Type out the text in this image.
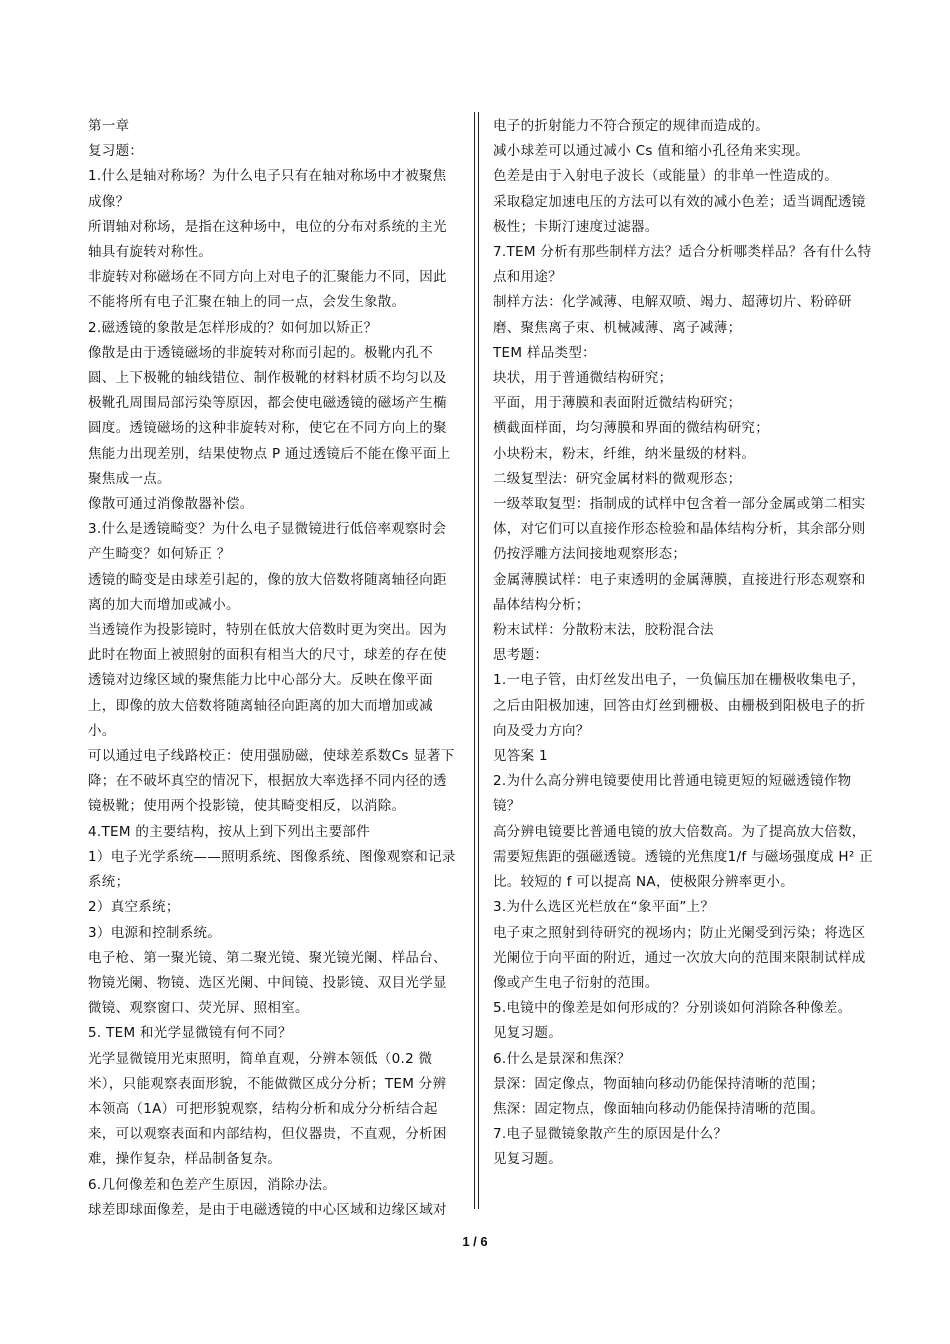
第一章

复习题：

1.什么是轴对称场？为什么电子只有在轴对称场中才被聚焦成像？

所谓轴对称场，是指在这种场中，电位的分布对系统的主光轴具有旋转对称性。

非旋转对称磁场在不同方向上对电子的汇聚能力不同，因此不能将所有电子汇聚在轴上的同一点，会发生象散。

2.磁透镜的象散是怎样形成的？如何加以矫正？

像散是由于透镜磁场的非旋转对称而引起的。极靴内孔不圆、上下极靴的轴线错位、制作极靴的材料材质不均匀以及极靴孔周围局部污染等原因，都会使电磁透镜的磁场产生椭圆度。透镜磁场的这种非旋转对称，使它在不同方向上的聚焦能力出现差别，结果使物点 P 通过透镜后不能在像平面上聚焦成一点。

像散可通过消像散器补偿。

3.什么是透镜畸变？为什么电子显微镜进行低倍率观察时会产生畸变？如何矫正 ？

透镜的畸变是由球差引起的，像的放大倍数将随离轴径向距离的加大而增加或减小。

当透镜作为投影镜时，特别在低放大倍数时更为突出。因为此时在物面上被照射的面积有相当大的尺寸，球差的存在使透镜对边缘区域的聚焦能力比中心部分大。反映在像平面上，即像的放大倍数将随离轴径向距离的加大而增加或减小。

可以通过电子线路校正：使用强励磁，使球差系数Cs 显著下降；在不破坏真空的情况下，根据放大率选择不同内径的透镜极靴；使用两个投影镜，使其畸变相反，以消除。

4.TEM 的主要结构，按从上到下列出主要部件

1）电子光学系统——照明系统、图像系统、图像观察和记录系统；

2）真空系统；

3）电源和控制系统。

电子枪、第一聚光镜、第二聚光镜、聚光镜光阑、样品台、物镜光阑、物镜、选区光阑、中间镜、投影镜、双目光学显微镜、观察窗口、荧光屏、照相室。

5. TEM 和光学显微镜有何不同？

光学显微镜用光束照明，简单直观，分辨本领低（0.2 微米），只能观察表面形貌，不能做微区成分分析；TEM 分辨本领高（1A）可把形貌观察，结构分析和成分分析结合起来，可以观察表面和内部结构，但仪器贵，不直观，分析困难，操作复杂，样品制备复杂。

6.几何像差和色差产生原因，消除办法。

球差即球面像差，是由于电磁透镜的中心区域和边缘区域对

电子的折射能力不符合预定的规律而造成的。

减小球差可以通过减小 Cs 值和缩小孔径角来实现。

色差是由于入射电子波长（或能量）的非单一性造成的。

采取稳定加速电压的方法可以有效的减小色差；适当调配透镜极性；卡斯汀速度过滤器。

7.TEM 分析有那些制样方法？适合分析哪类样品？各有什么特点和用途？

制样方法：化学减薄、电解双喷、竭力、超薄切片、粉碎研磨、聚焦离子束、机械减薄、离子减薄；

TEM 样品类型：

块状，用于普通微结构研究；

平面，用于薄膜和表面附近微结构研究；

横截面样面，均匀薄膜和界面的微结构研究；

小块粉末，粉末，纤维，纳米量级的材料。

二级复型法：研究金属材料的微观形态；

一级萃取复型：指制成的试样中包含着一部分金属或第二相实体，对它们可以直接作形态检验和晶体结构分析，其余部分则仍按浮雕方法间接地观察形态；

金属薄膜试样：电子束透明的金属薄膜，直接进行形态观察和晶体结构分析；

粉末试样：分散粉末法，胶粉混合法

思考题：

1.一电子管，由灯丝发出电子，一负偏压加在栅极收集电子，之后由阳极加速，回答由灯丝到栅极、由栅极到阳极电子的折向及受力方向？

见答案 1

2.为什么高分辨电镜要使用比普通电镜更短的短磁透镜作物镜？

高分辨电镜要比普通电镜的放大倍数高。为了提高放大倍数，需要短焦距的强磁透镜。透镜的光焦度1/f 与磁场强度成 H² 正比。较短的 f 可以提高 NA，使极限分辨率更小。

3.为什么选区光栏放在“象平面”上？

电子束之照射到待研究的视场内；防止光阑受到污染；将选区光阑位于向平面的附近，通过一次放大向的范围来限制试样成像或产生电子衍射的范围。

5.电镜中的像差是如何形成的？分别谈如何消除各种像差。

见复习题。

6.什么是景深和焦深？

景深：固定像点，物面轴向移动仍能保持清晰的范围；

焦深：固定物点，像面轴向移动仍能保持清晰的范围。

7.电子显微镜象散产生的原因是什么？

见复习题。

1 / 6
